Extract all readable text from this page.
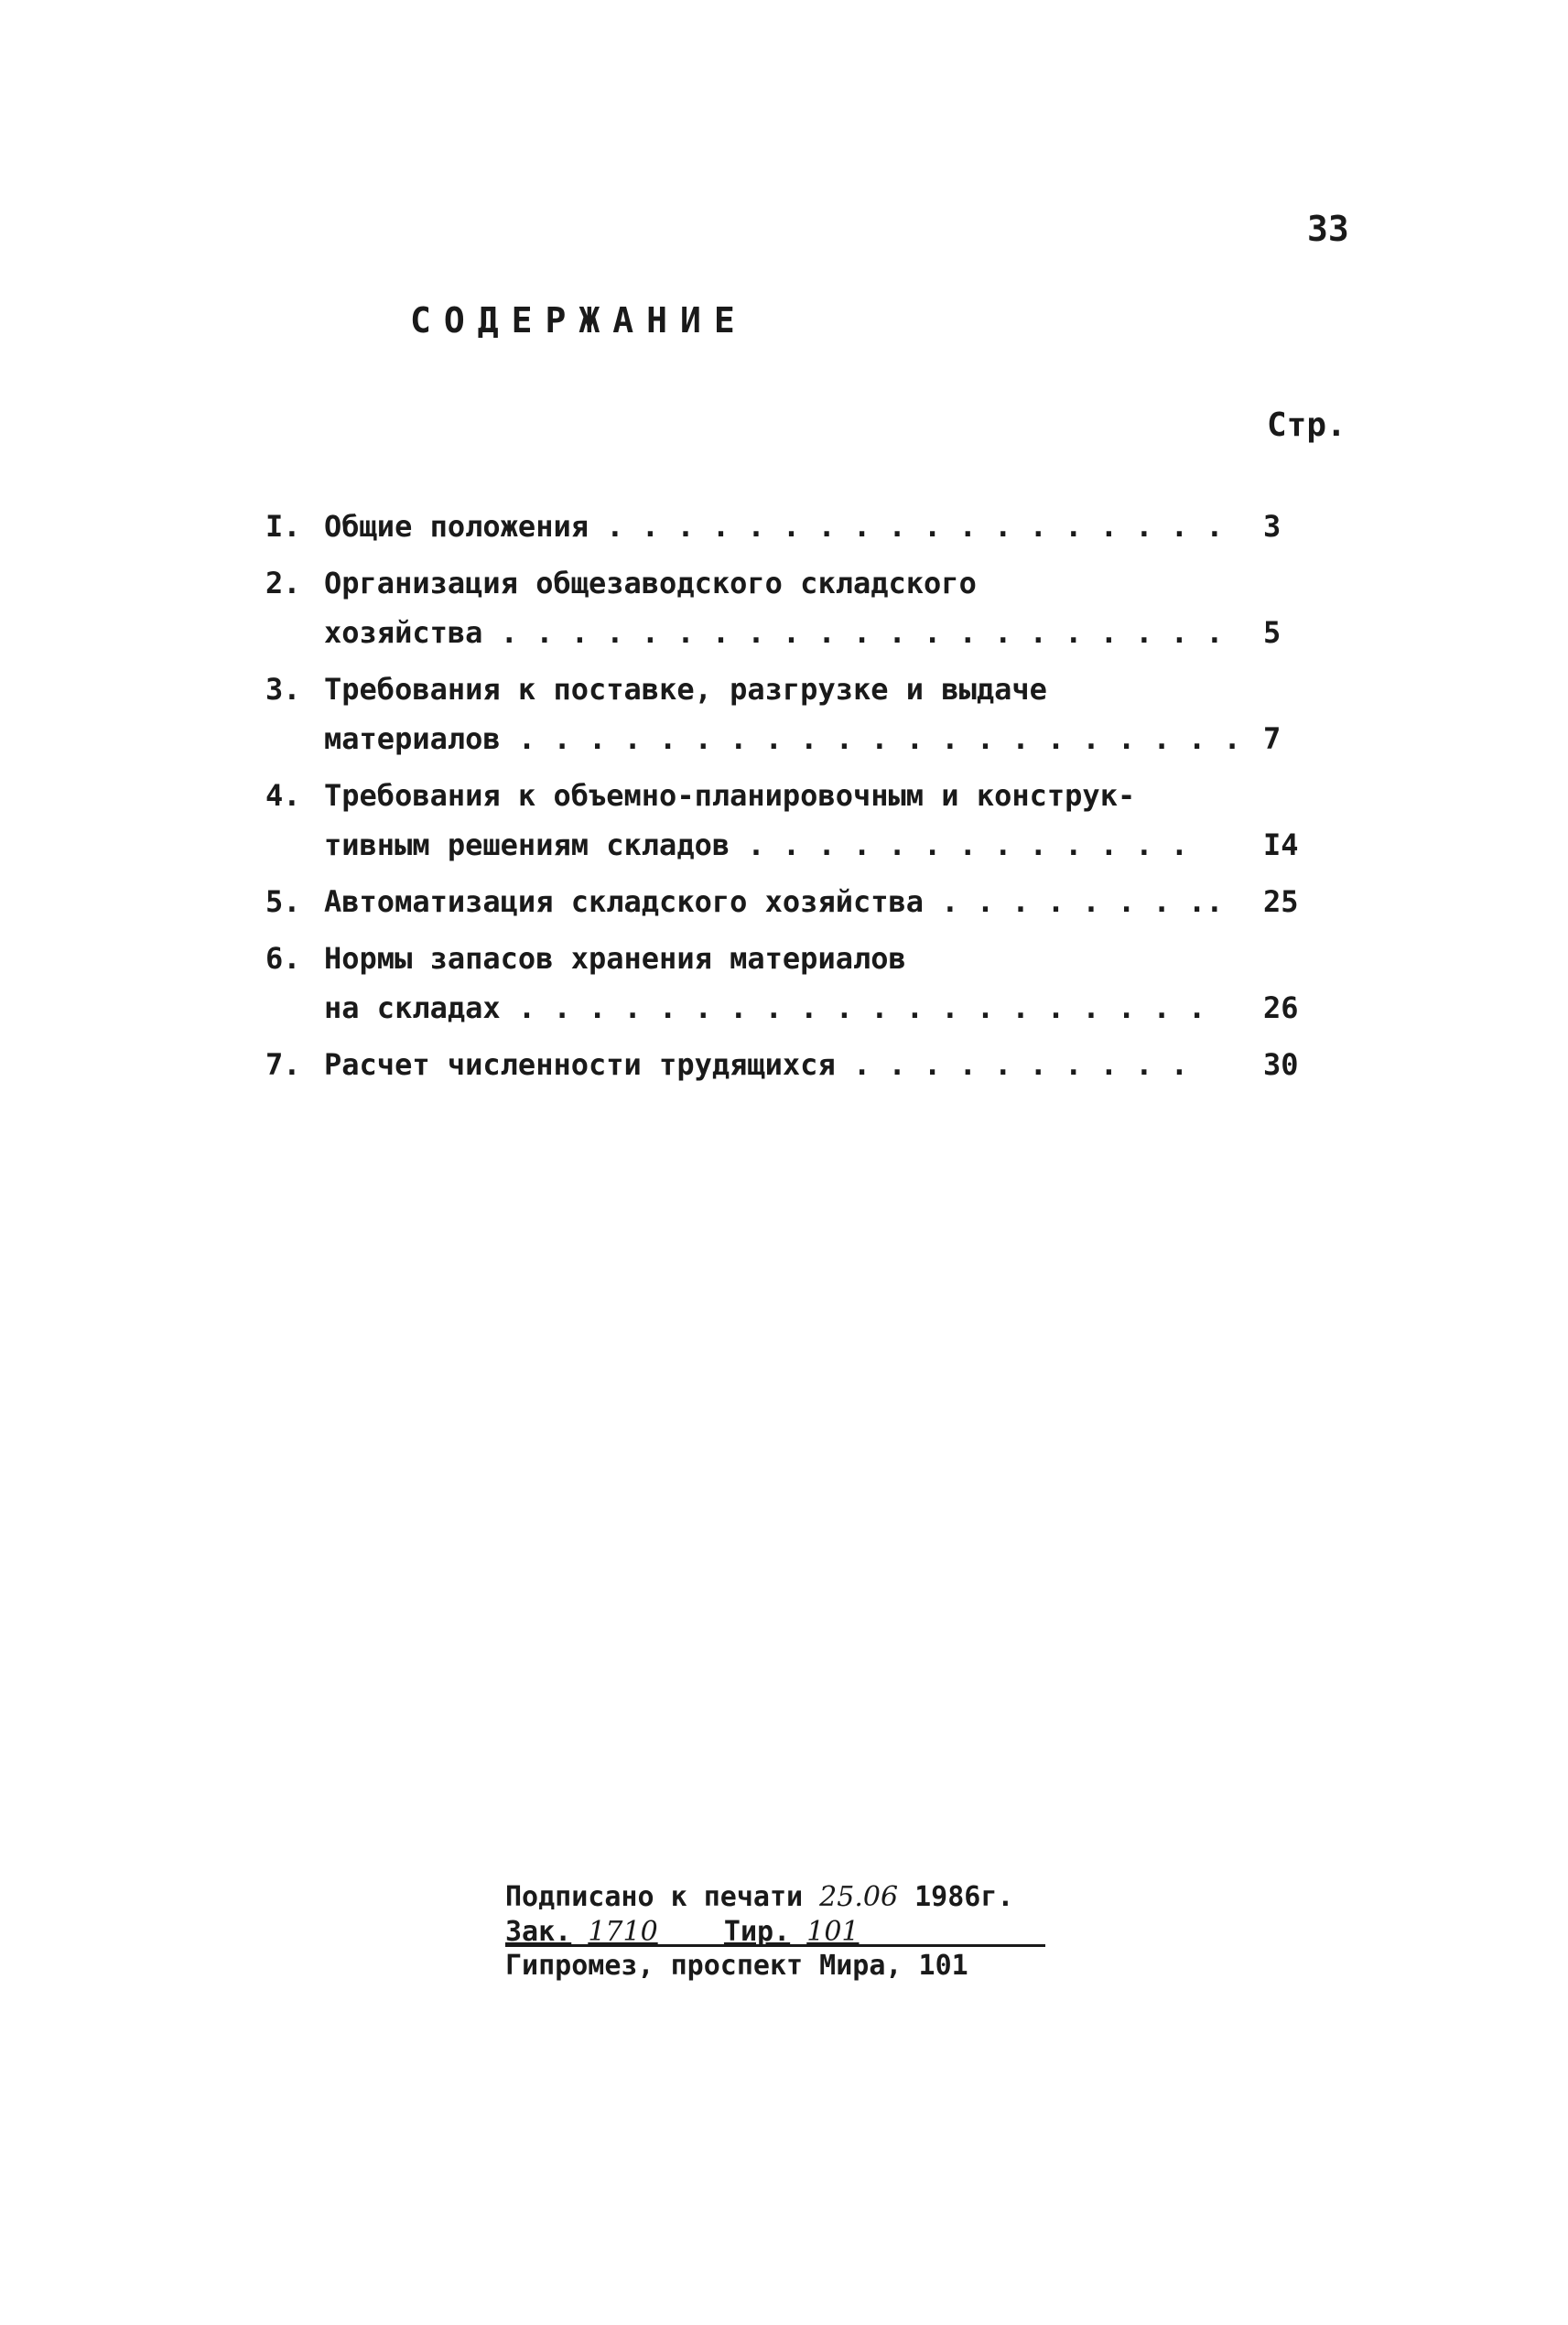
33
СОДЕРЖАНИЕ
Стр.
I. Общие положения . . . . . . . . . . . . . . . . . .	3
2. Организация общезаводского складского
хозяйства . . . . . . . . . . . . . . . . . . . . .	5
3. Требования к поставке, разгрузке и выдаче
материалов . . . . . . . . . . . . . . . . . . . . . 7
4. Требования к объемно-планировочным и конструк-
тивным решениям складов . . . . . . . . . . . . .	I4
5. Автоматизация складского хозяйства . . . . . . . ..	25
6. Нормы запасов хранения материалов
на складах . . . . . . . . . . . . . . . . . . . .	26
7. Расчет численности трудящихся . . . . . . . . . .	30
Подписано к печати 25.06 1986г.
Зак. 1710 Тир. 101
Гипромез, проспект Мира, 101
